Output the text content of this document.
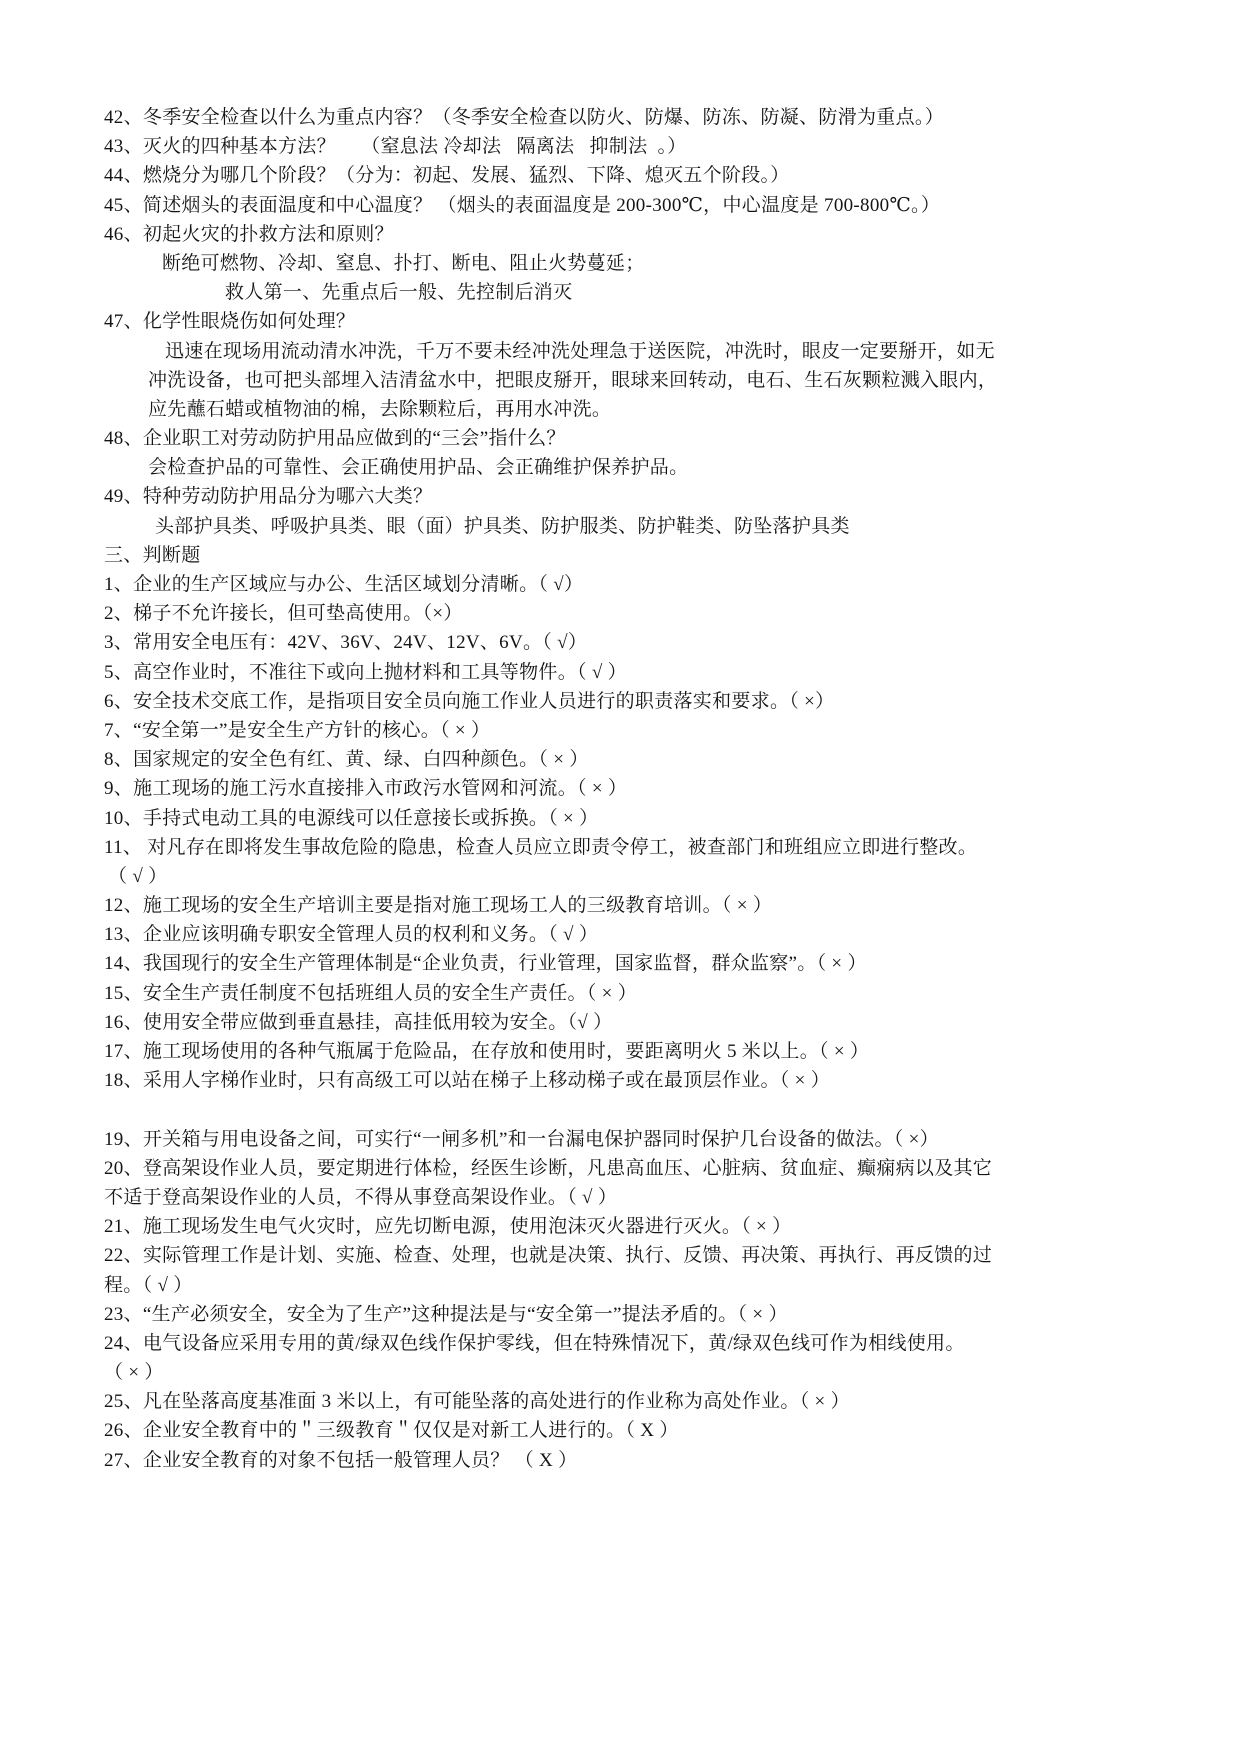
42、冬季安全检查以什么为重点内容？（冬季安全检查以防火、防爆、防冻、防凝、防滑为重点。）
43、灭火的四种基本方法？     （窒息法 冷却法   隔离法   抑制法  。）
44、燃烧分为哪几个阶段？（分为：初起、发展、猛烈、下降、熄灭五个阶段。）
45、简述烟头的表面温度和中心温度？ （烟头的表面温度是 200-300℃，中心温度是 700-800℃。）
46、初起火灾的扑救方法和原则？
断绝可燃物、冷却、窒息、扑打、断电、阻止火势蔓延；
救人第一、先重点后一般、先控制后消灭
47、化学性眼烧伤如何处理？
迅速在现场用流动清水冲洗，千万不要未经冲洗处理急于送医院，冲洗时，眼皮一定要掰开，如无
冲洗设备，也可把头部埋入洁清盆水中，把眼皮掰开，眼球来回转动，电石、生石灰颗粒溅入眼内，
应先蘸石蜡或植物油的棉，去除颗粒后，再用水冲洗。
48、企业职工对劳动防护用品应做到的“三会”指什么？
会检查护品的可靠性、会正确使用护品、会正确维护保养护品。
49、特种劳动防护用品分为哪六大类？
头部护具类、呼吸护具类、眼（面）护具类、防护服类、防护鞋类、防坠落护具类
三、判断题
1、企业的生产区域应与办公、生活区域划分清晰。（ √）
2、梯子不允许接长，但可垫高使用。（×）
3、常用安全电压有：42V、36V、24V、12V、6V。（ √）
5、高空作业时，不准往下或向上抛材料和工具等物件。（ √ ）
6、安全技术交底工作，是指项目安全员向施工作业人员进行的职责落实和要求。（ ×）
7、“安全第一”是安全生产方针的核心。（ × ）
8、国家规定的安全色有红、黄、绿、白四种颜色。（ × ）
9、施工现场的施工污水直接排入市政污水管网和河流。（ × ）
10、手持式电动工具的电源线可以任意接长或拆换。（ × ）
11、 对凡存在即将发生事故危险的隐患，检查人员应立即责令停工，被查部门和班组应立即进行整改。
（ √ ）
12、施工现场的安全生产培训主要是指对施工现场工人的三级教育培训。（ × ）
13、企业应该明确专职安全管理人员的权利和义务。（ √ ）
14、我国现行的安全生产管理体制是“企业负责，行业管理，国家监督，群众监察”。（ × ）
15、安全生产责任制度不包括班组人员的安全生产责任。（ × ）
16、使用安全带应做到垂直悬挂，高挂低用较为安全。（√ ）
17、施工现场使用的各种气瓶属于危险品，在存放和使用时，要距离明火 5 米以上。（ × ）
18、采用人字梯作业时，只有高级工可以站在梯子上移动梯子或在最顶层作业。（ × ）
19、开关箱与用电设备之间，可实行“一闸多机”和一台漏电保护器同时保护几台设备的做法。（ ×）
20、登高架设作业人员，要定期进行体检，经医生诊断，凡患高血压、心脏病、贫血症、癫痫病以及其它
不适于登高架设作业的人员，不得从事登高架设作业。（ √ ）
21、施工现场发生电气火灾时，应先切断电源，使用泡沫灭火器进行灭火。（ × ）
22、实际管理工作是计划、实施、检查、处理，也就是决策、执行、反馈、再决策、再执行、再反馈的过
程。（ √ ）
23、“生产必须安全，安全为了生产”这种提法是与“安全第一”提法矛盾的。（ × ）
24、电气设备应采用专用的黄/绿双色线作保护零线，但在特殊情况下，黄/绿双色线可作为相线使用。
（ × ）
25、凡在坠落高度基准面 3 米以上，有可能坠落的高处进行的作业称为高处作业。（ × ）
26、企业安全教育中的＂三级教育＂仅仅是对新工人进行的。（ X ）
27、企业安全教育的对象不包括一般管理人员？ （ X ）
